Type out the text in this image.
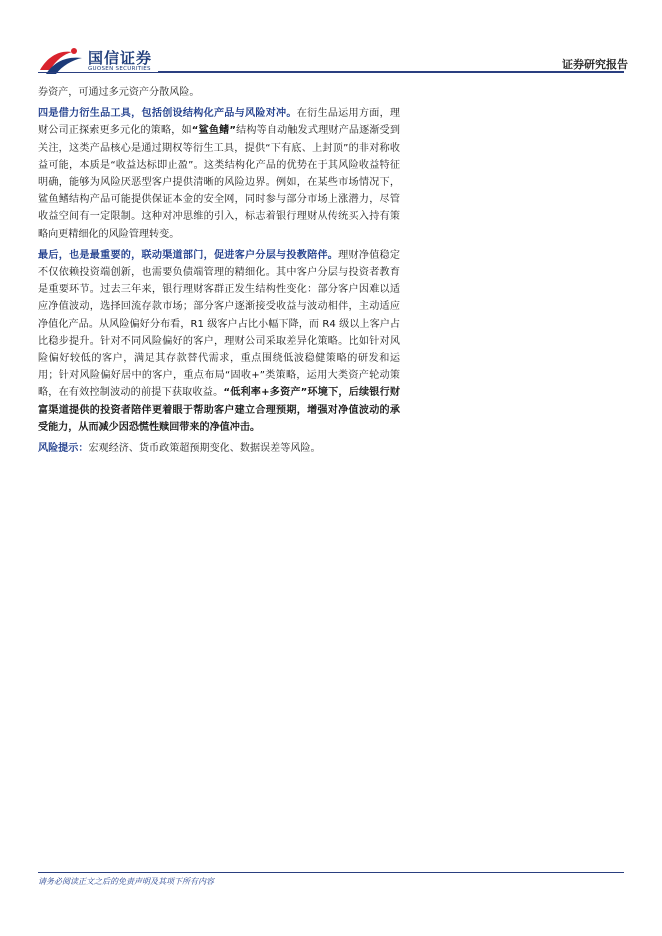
国信证券
GUOSEN SECURITIES	证券研究报告

券资产，可通过多元资产分散风险。

四是借力衍生品工具，包括创设结构化产品与风险对冲。在衍生品运用方面，理财公司正探索更多元化的策略，如“鲨鱼鳍”结构等自动触发式理财产品逐渐受到关注，这类产品核心是通过期权等衍生工具，提供“下有底、上封顶”的非对称收益可能，本质是“收益达标即止盈”。这类结构化产品的优势在于其风险收益特征明确，能够为风险厌恶型客户提供清晰的风险边界。例如，在某些市场情况下，鲨鱼鳍结构产品可能提供保证本金的安全网，同时参与部分市场上涨潜力，尽管收益空间有一定限制。这种对冲思维的引入，标志着银行理财从传统买入持有策略向更精细化的风险管理转变。

最后，也是最重要的，联动渠道部门，促进客户分层与投教陪伴。理财净值稳定不仅依赖投资端创新，也需要负债端管理的精细化。其中客户分层与投资者教育是重要环节。过去三年来，银行理财客群正发生结构性变化：部分客户因难以适应净值波动，选择回流存款市场；部分客户逐渐接受收益与波动相伴，主动适应净值化产品。从风险偏好分布看，R1 级客户占比小幅下降，而 R4 级以上客户占比稳步提升。针对不同风险偏好的客户，理财公司采取差异化策略。比如针对风险偏好较低的客户，满足其存款替代需求，重点围绕低波稳健策略的研发和运用；针对风险偏好居中的客户，重点布局“固收+”类策略，运用大类资产轮动策略，在有效控制波动的前提下获取收益。“低利率+多资产”环境下，后续银行财富渠道提供的投资者陪伴更着眼于帮助客户建立合理预期，增强对净值波动的承受能力，从而减少因恐慌性赎回带来的净值冲击。

风险提示：宏观经济、货币政策超预期变化、数据误差等风险。

请务必阅读正文之后的免责声明及其项下所有内容
